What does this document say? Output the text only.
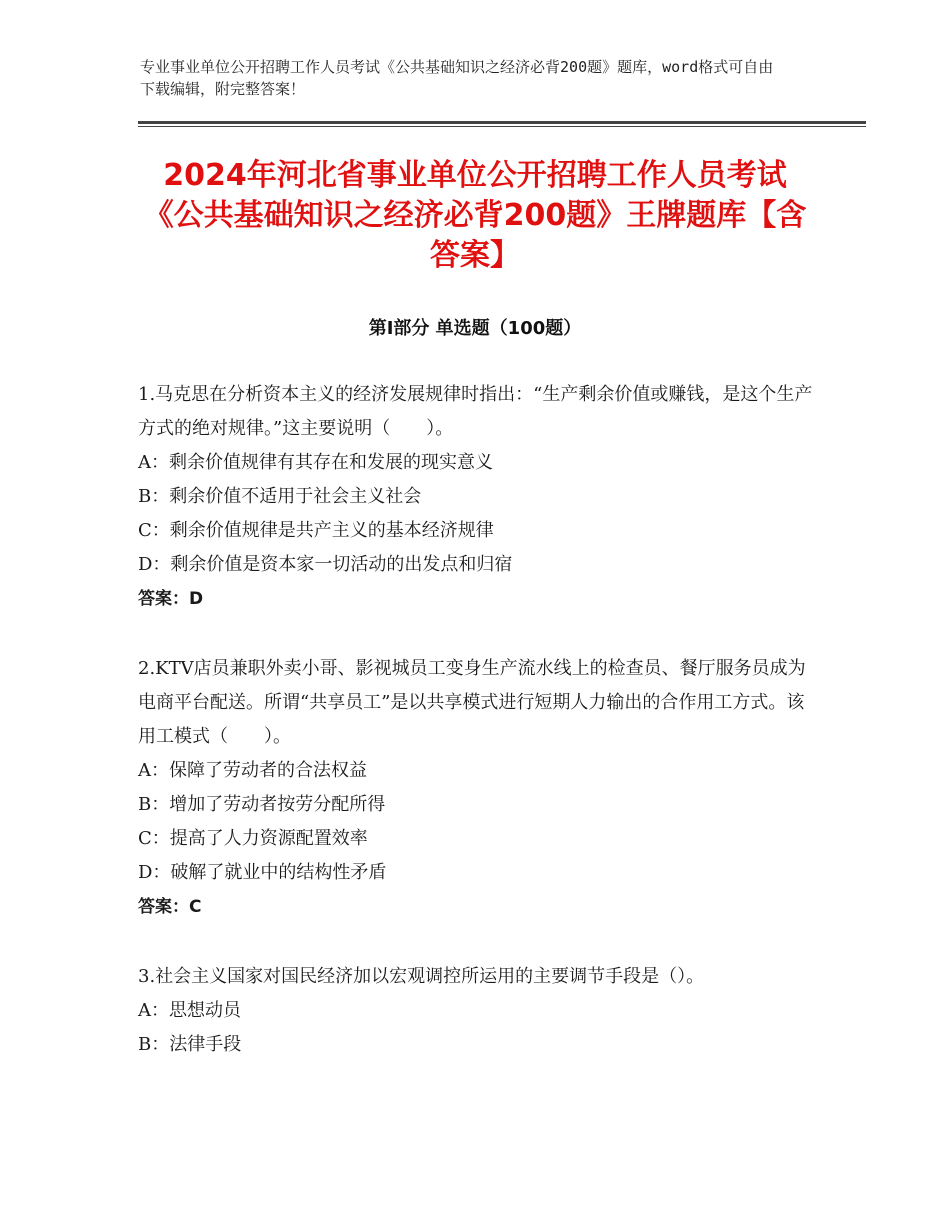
专业事业单位公开招聘工作人员考试《公共基础知识之经济必背200题》题库，word格式可自由下载编辑，附完整答案！
2024年河北省事业单位公开招聘工作人员考试《公共基础知识之经济必背200题》王牌题库【含答案】
第I部分 单选题（100题）

1.马克思在分析资本主义的经济发展规律时指出：“生产剩余价值或赚钱，是这个生产方式的绝对规律。”这主要说明（　　）。

A：剩余价值规律有其存在和发展的现实意义

B：剩余价值不适用于社会主义社会

C：剩余价值规律是共产主义的基本经济规律

D：剩余价值是资本家一切活动的出发点和归宿

答案：D

2.KTV店员兼职外卖小哥、影视城员工变身生产流水线上的检查员、餐厅服务员成为电商平台配送。所谓“共享员工”是以共享模式进行短期人力输出的合作用工方式。该用工模式（　　）。

A：保障了劳动者的合法权益

B：增加了劳动者按劳分配所得

C：提高了人力资源配置效率

D：破解了就业中的结构性矛盾

答案：C

3.社会主义国家对国民经济加以宏观调控所运用的主要调节手段是（）。

A：思想动员

B：法律手段
